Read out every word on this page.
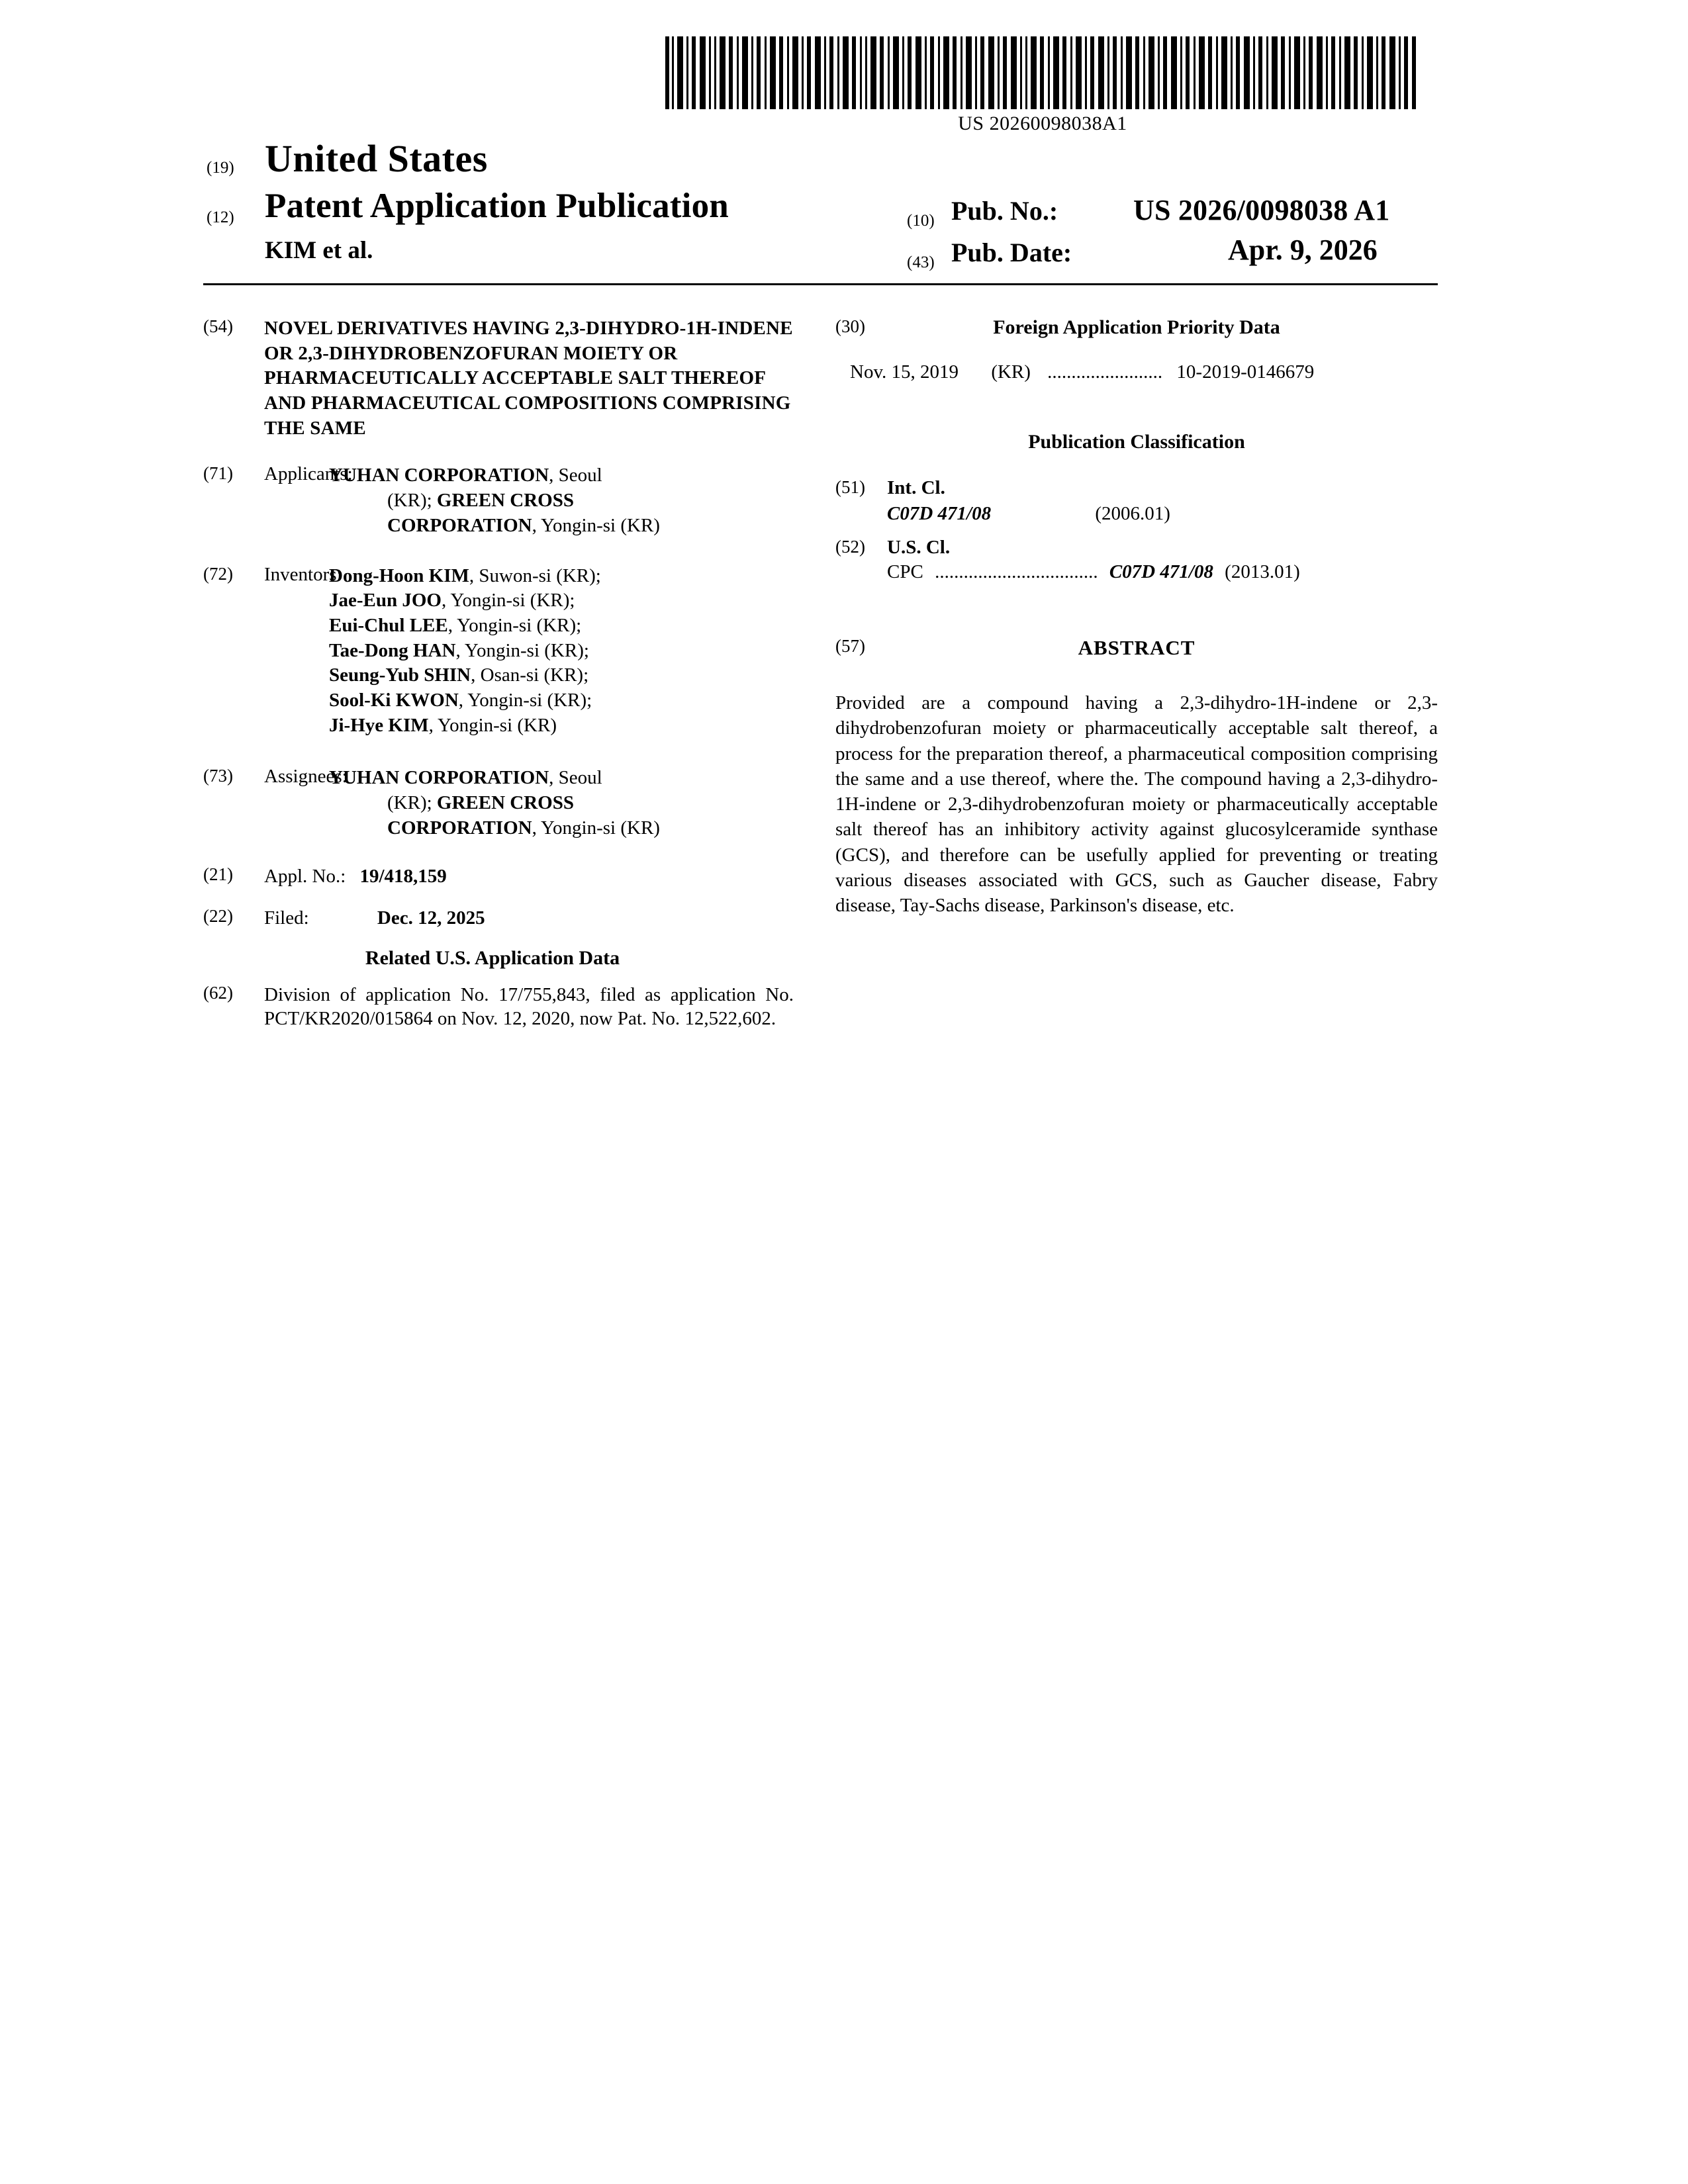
US 20260098038A1
(19) United States
(12) Patent Application Publication
KIM et al.
(10) Pub. No.:	US 2026/0098038 A1
(43) Pub. Date:	Apr. 9, 2026
(54)	NOVEL DERIVATIVES HAVING 2,3-DIHYDRO-1H-INDENE OR 2,3-DIHYDROBENZOFURAN MOIETY OR PHARMACEUTICALLY ACCEPTABLE SALT THEREOF AND PHARMACEUTICAL COMPOSITIONS COMPRISING THE SAME
(71)	Applicants:
YUHAN CORPORATION, Seoul
(KR); GREEN CROSS
CORPORATION, Yongin-si (KR)
(72)	Inventors:
Dong-Hoon KIM, Suwon-si (KR);
Jae-Eun JOO, Yongin-si (KR);
Eui-Chul LEE, Yongin-si (KR);
Tae-Dong HAN, Yongin-si (KR);
Seung-Yub SHIN, Osan-si (KR);
Sool-Ki KWON, Yongin-si (KR);
Ji-Hye KIM, Yongin-si (KR)
(73)	Assignees:
YUHAN CORPORATION, Seoul
(KR); GREEN CROSS
CORPORATION, Yongin-si (KR)
(21)	Appl. No.: 19/418,159
(22)	Filed:	Dec. 12, 2025
Related U.S. Application Data
(62)	Division of application No. 17/755,843, filed as application No. PCT/KR2020/015864 on Nov. 12, 2020, now Pat. No. 12,522,602.
(30)	Foreign Application Priority Data
Nov. 15, 2019 (KR) ........................ 10-2019-0146679
Publication Classification
(51)	Int. Cl.
C07D 471/08	(2006.01)
(52)	U.S. Cl.
CPC .................................. C07D 471/08 (2013.01)
(57)	ABSTRACT
Provided are a compound having a 2,3-dihydro-1H-indene or 2,3-dihydrobenzofuran moiety or pharmaceutically acceptable salt thereof, a process for the preparation thereof, a pharmaceutical composition comprising the same and a use thereof, where the. The compound having a 2,3-dihydro-1H-indene or 2,3-dihydrobenzofuran moiety or pharmaceutically acceptable salt thereof has an inhibitory activity against glucosylceramide synthase (GCS), and therefore can be usefully applied for preventing or treating various diseases associated with GCS, such as Gaucher disease, Fabry disease, Tay-Sachs disease, Parkinson's disease, etc.
